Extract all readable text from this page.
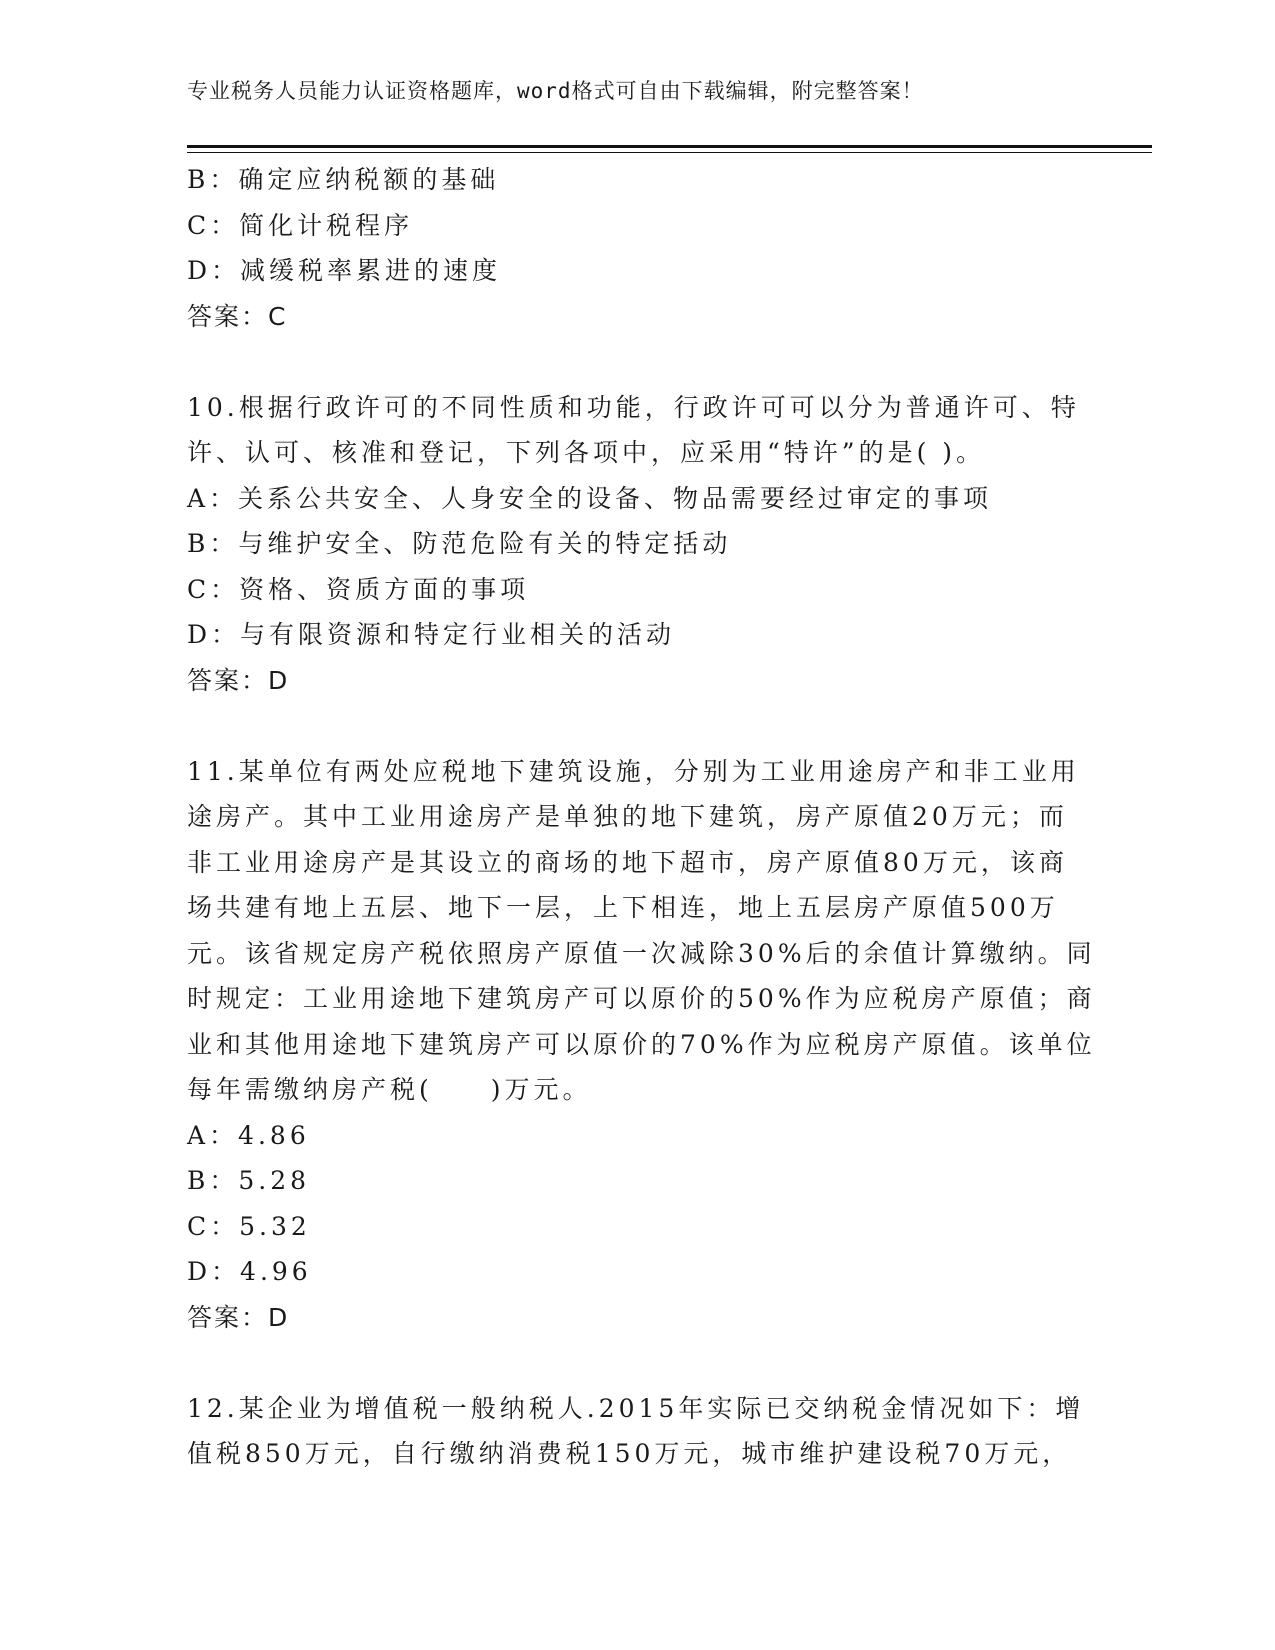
专业税务人员能力认证资格题库，word格式可自由下载编辑，附完整答案！
B：确定应纳税额的基础
C：简化计税程序
D：减缓税率累进的速度
答案：C
10.根据行政许可的不同性质和功能，行政许可可以分为普通许可、特
许、认可、核准和登记，下列各项中，应采用“特许”的是( )。
A：关系公共安全、人身安全的设备、物品需要经过审定的事项
B：与维护安全、防范危险有关的特定括动
C：资格、资质方面的事项
D：与有限资源和特定行业相关的活动
答案：D
11.某单位有两处应税地下建筑设施，分别为工业用途房产和非工业用
途房产。其中工业用途房产是单独的地下建筑，房产原值20万元；而
非工业用途房产是其设立的商场的地下超市，房产原值80万元，该商
场共建有地上五层、地下一层，上下相连，地上五层房产原值500万
元。该省规定房产税依照房产原值一次减除30%后的余值计算缴纳。同
时规定：工业用途地下建筑房产可以原价的50%作为应税房产原值；商
业和其他用途地下建筑房产可以原价的70%作为应税房产原值。该单位
每年需缴纳房产税(　　)万元。
A：4.86
B：5.28
C：5.32
D：4.96
答案：D
12.某企业为增值税一般纳税人.2015年实际已交纳税金情况如下：增
值税850万元，自行缴纳消费税150万元，城市维护建设税70万元，
